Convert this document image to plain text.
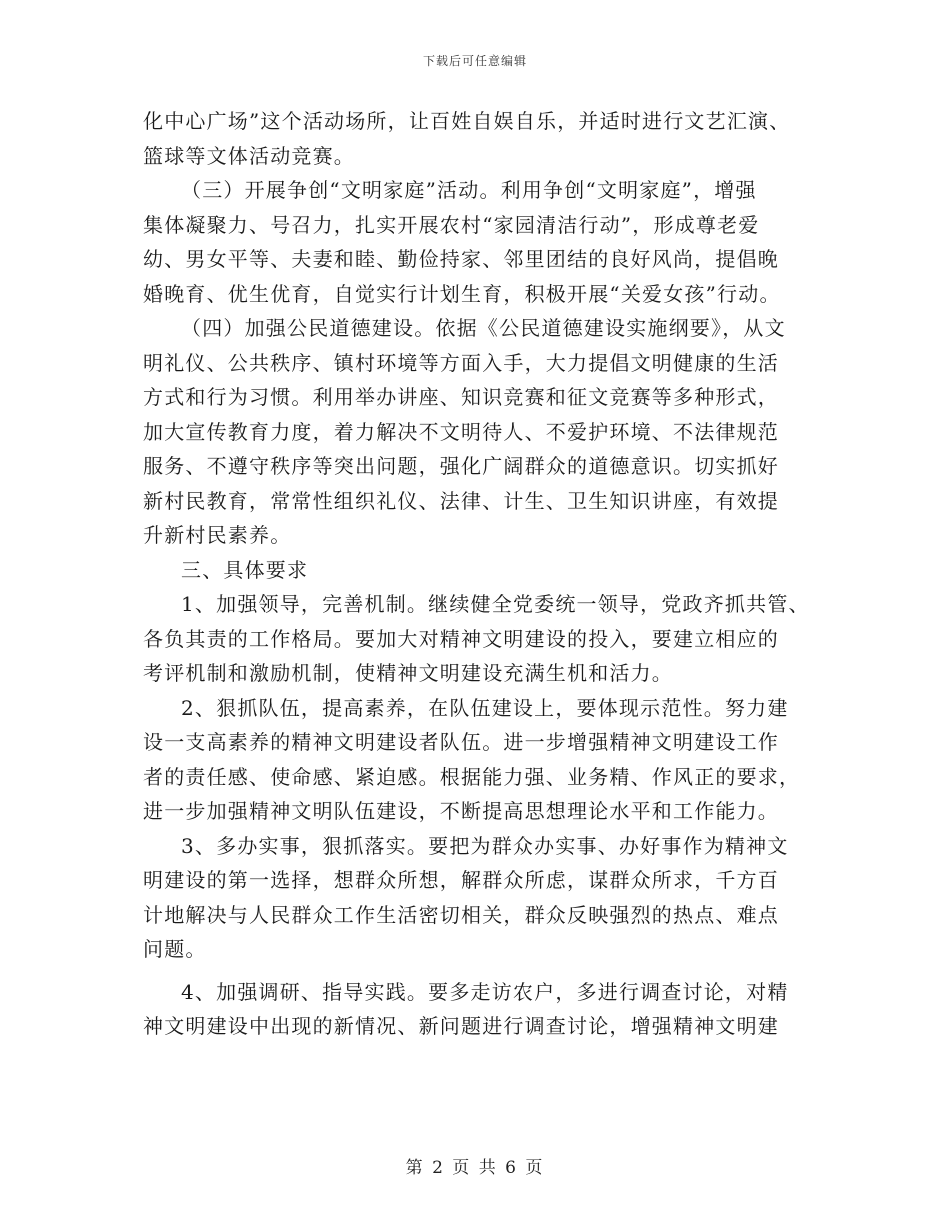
下载后可任意编辑
化中心广场”这个活动场所，让百姓自娱自乐，并适时进行文艺汇演、
篮球等文体活动竞赛。
（三）开展争创“文明家庭”活动。利用争创“文明家庭”，增强
集体凝聚力、号召力，扎实开展农村“家园清洁行动”，形成尊老爱
幼、男女平等、夫妻和睦、勤俭持家、邻里团结的良好风尚，提倡晚
婚晚育、优生优育，自觉实行计划生育，积极开展“关爱女孩”行动。
（四）加强公民道德建设。依据《公民道德建设实施纲要》，从文
明礼仪、公共秩序、镇村环境等方面入手，大力提倡文明健康的生活
方式和行为习惯。利用举办讲座、知识竞赛和征文竞赛等多种形式，
加大宣传教育力度，着力解决不文明待人、不爱护环境、不法律规范
服务、不遵守秩序等突出问题，强化广阔群众的道德意识。切实抓好
新村民教育，常常性组织礼仪、法律、计生、卫生知识讲座，有效提
升新村民素养。
三、具体要求
1、加强领导，完善机制。继续健全党委统一领导，党政齐抓共管、
各负其责的工作格局。要加大对精神文明建设的投入，要建立相应的
考评机制和激励机制，使精神文明建设充满生机和活力。
2、狠抓队伍，提高素养，在队伍建设上，要体现示范性。努力建
设一支高素养的精神文明建设者队伍。进一步增强精神文明建设工作
者的责任感、使命感、紧迫感。根据能力强、业务精、作风正的要求，
进一步加强精神文明队伍建设，不断提高思想理论水平和工作能力。
3、多办实事，狠抓落实。要把为群众办实事、办好事作为精神文
明建设的第一选择，想群众所想，解群众所虑，谋群众所求，千方百
计地解决与人民群众工作生活密切相关，群众反映强烈的热点、难点
问题。
4、加强调研、指导实践。要多走访农户，多进行调查讨论，对精
神文明建设中出现的新情况、新问题进行调查讨论，增强精神文明建
第 2 页 共 6 页
